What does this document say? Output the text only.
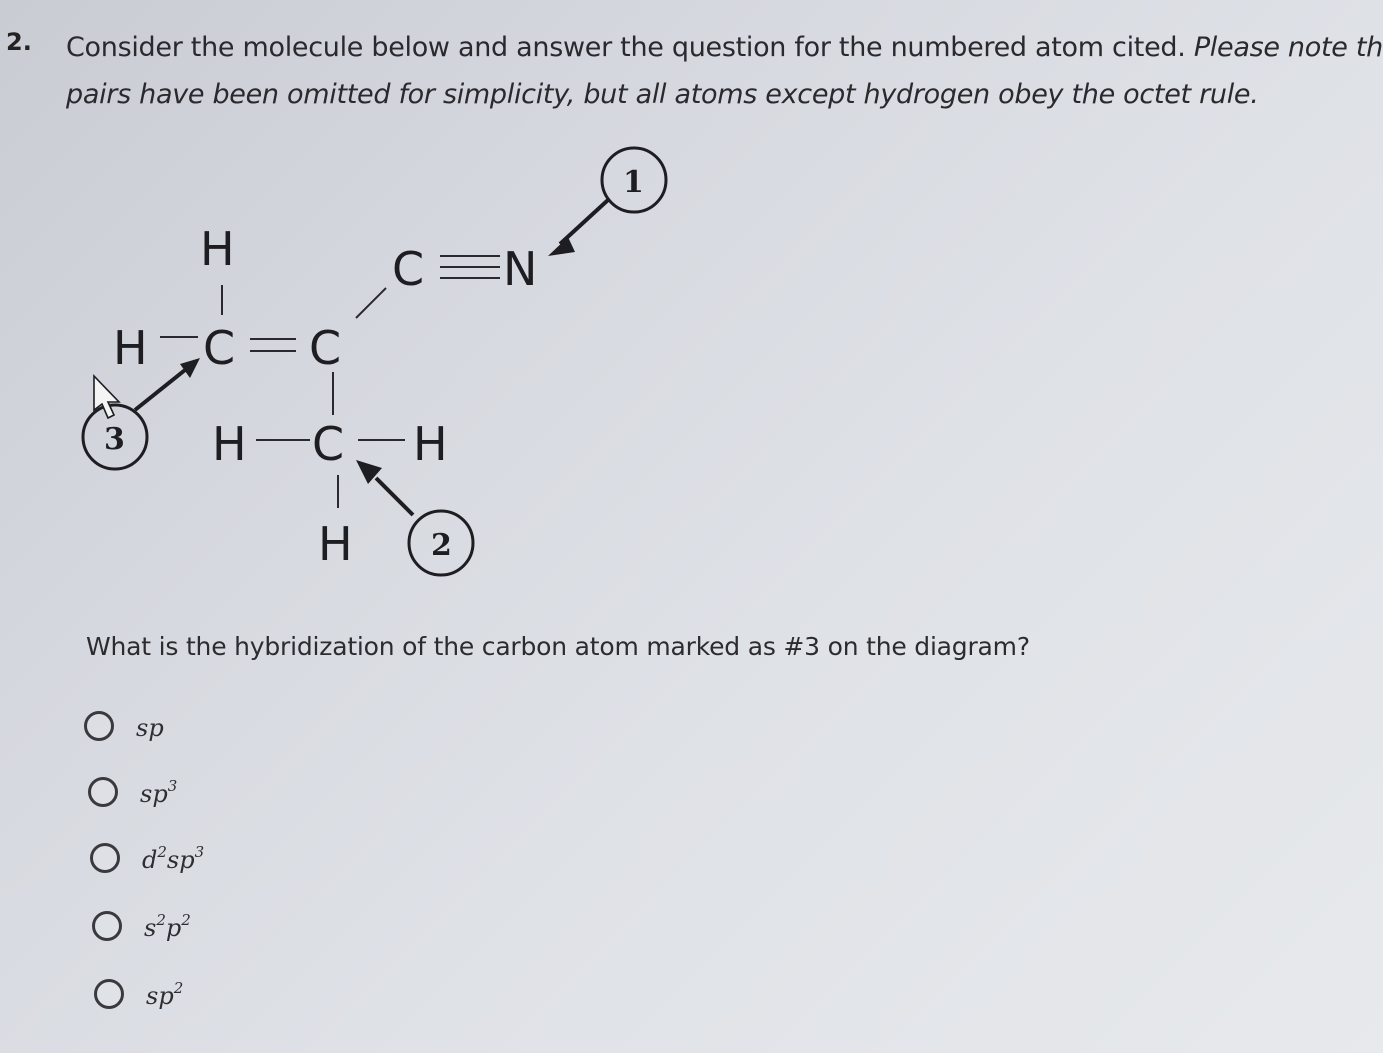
2. Consider the molecule below and answer the question for the numbered atom cited. Please note th
pairs have been omitted for simplicity, but all atoms except hydrogen obey the octet rule.
H
H C C
C N
H C H
H
1
2
3
What is the hybridization of the carbon atom marked as #3 on the diagram?
sp
$sp^3$
$d^2sp^3$
$s^2p^2$
$sp^2$
